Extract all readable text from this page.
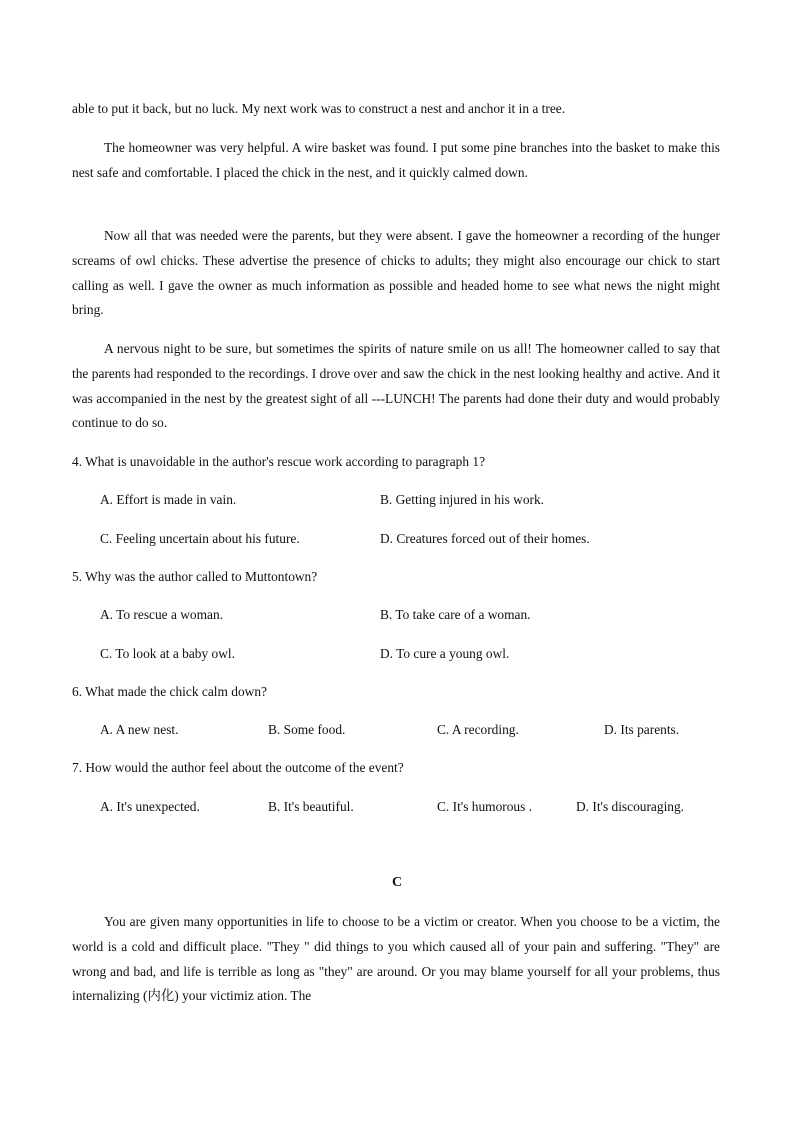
able to put it back, but no luck. My next work was to construct a nest and anchor it in a tree.

The homeowner was very helpful. A wire basket was found. I put some pine branches into the basket to make this nest safe and comfortable. I placed the chick in the nest, and it quickly calmed down.

Now all that was needed were the parents, but they were absent. I gave the homeowner a recording of the hunger screams of owl chicks. These advertise the presence of chicks to adults; they might also encourage our chick to start calling as well. I gave the owner as much information as possible and headed home to see what news the night might bring.

A nervous night to be sure, but sometimes the spirits of nature smile on us all! The homeowner called to say that the parents had responded to the recordings. I drove over and saw the chick in the nest looking healthy and active. And it was accompanied in the nest by the greatest sight of all ---LUNCH! The parents had done their duty and would probably continue to do so.

4. What is unavoidable in the author's rescue work according to paragraph 1?

A. Effort is made in vain.	B. Getting injured in his work.

C. Feeling uncertain about his future.	D. Creatures forced out of their homes.

5. Why was the author called to Muttontown?

A. To rescue a woman.	B. To take care of a woman.

C. To look at a baby owl.	D. To cure a young owl.

6. What made the chick calm down?

A. A new nest.	B. Some food.	C. A recording.	D. Its parents.

7. How would the author feel about the outcome of the event?

A. It's unexpected.	B. It's beautiful.	C. It's humorous .	D. It's discouraging.

C

You are given many opportunities in life to choose to be a victim or creator. When you choose to be a victim, the world is a cold and difficult place. "They " did things to you which caused all of your pain and suffering. "They" are wrong and bad, and life is terrible as long as "they" are around. Or you may blame yourself for all your problems, thus internalizing (内化) your victimiz ation. The
